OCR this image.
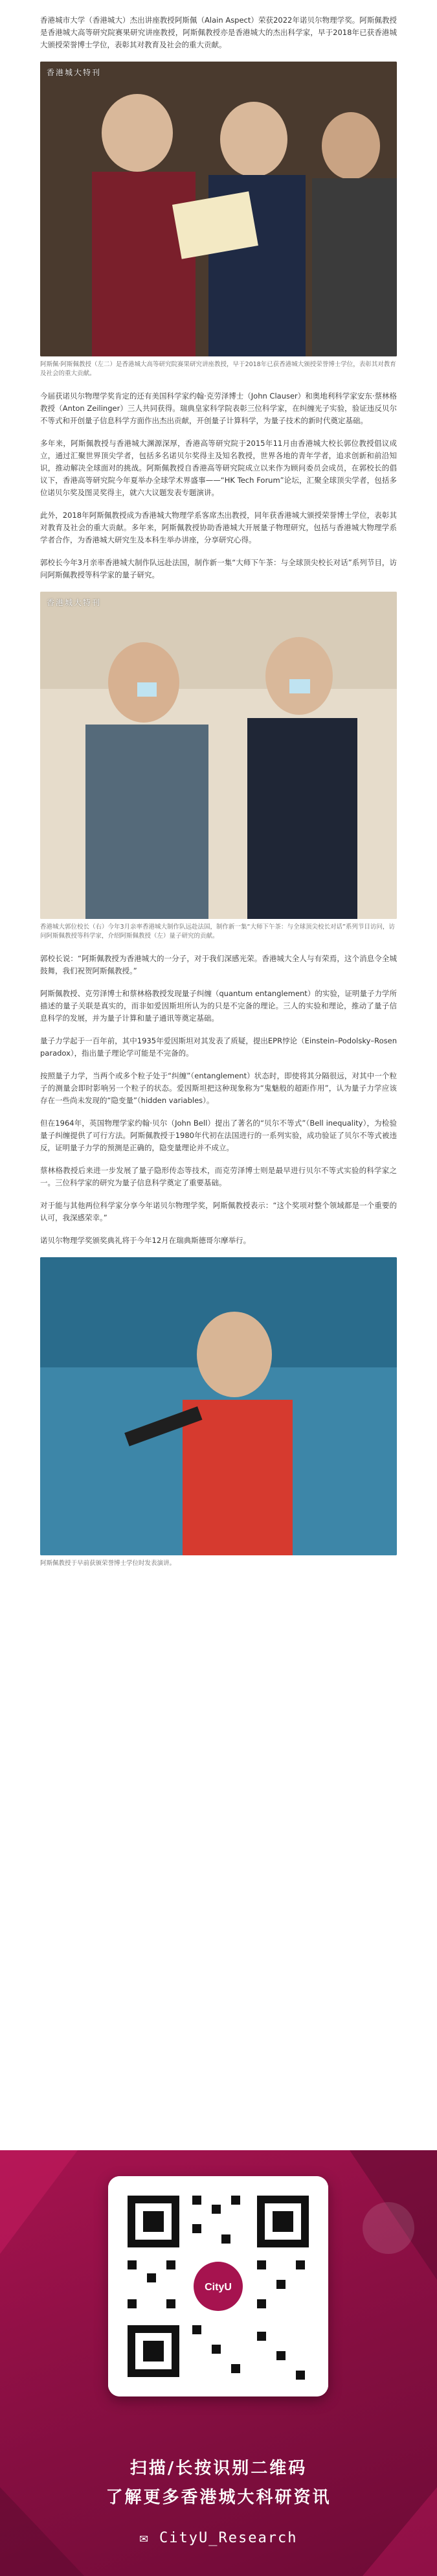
香港城市大学（香港城大）杰出讲座教授阿斯佩（Alain Aspect）荣获2022年诺贝尔物理学奖。阿斯佩教授是香港城大高等研究院赛果研究讲座教授，阿斯佩教授亦是香港城大的杰出科学家，早于2018年已获香港城大颁授荣誉博士学位，表彰其对教育及社会的重大贡献。

香港城大特刊
阿斯佩·阿斯佩教授（左二）是香港城大高等研究院赛果研究讲座教授，早于2018年已获香港城大颁授荣誉博士学位，表彰其对教育及社会的重大贡献。

今届获诺贝尔物理学奖肯定的还有美国科学家约翰·克劳泽博士（John Clauser）和奥地利科学家安东·蔡林格教授（Anton Zeilinger）三人共同获得。瑞典皇家科学院表彰三位科学家，在纠缠光子实验，验证违反贝尔不等式和开创量子信息科学方面作出杰出贡献，开创量子计算科学，为量子技术的新时代奠定基础。

多年来，阿斯佩教授与香港城大渊源深厚，香港高等研究院于2015年11月由香港城大校长郭位教授倡议成立，通过汇聚世界顶尖学者，包括多名诺贝尔奖得主及知名教授，世界各地的青年学者，追求创新和前沿知识，推动解决全球面对的挑战。阿斯佩教授自香港高等研究院成立以来作为顾问委员会成员，在郭校长的倡议下，香港高等研究院今年夏举办全球学术界盛事——“HK Tech Forum”论坛，汇聚全球顶尖学者，包括多位诺贝尔奖及图灵奖得主，就六大议题发表专题演讲。

此外，2018年阿斯佩教授成为香港城大物理学系客席杰出教授，同年获香港城大颁授荣誉博士学位，表彰其对教育及社会的重大贡献。多年来，阿斯佩教授协助香港城大开展量子物理研究，包括与香港城大物理学系学者合作，为香港城大研究生及本科生举办讲座，分享研究心得。

郭校长今年3月亲率香港城大制作队远赴法国，制作新一集“大师下午茶：与全球顶尖校长对话”系列节目，访问阿斯佩教授等科学家的量子研究。

香港城大特刊
香港城大郭位校长（右）今年3月亲率香港城大制作队远赴法国，制作新一集“大师下午茶：与全球顶尖校长对话”系列节目访问，访问阿斯佩教授等科学家，介绍阿斯佩教授（左）量子研究的贡献。

郭校长说：“阿斯佩教授为香港城大的一分子，对于我们深感光荣。香港城大全人与有荣焉，这个消息令全城鼓舞，我们祝贺阿斯佩教授。”

阿斯佩教授、克劳泽博士和蔡林格教授发现量子纠缠（quantum entanglement）的实验，证明量子力学所描述的量子关联是真实的，而非如爱因斯坦所认为的只是不完备的理论。三人的实验和理论，推动了量子信息科学的发展，并为量子计算和量子通讯等奠定基础。

量子力学起于一百年前，其中1935年爱因斯坦对其发表了质疑，提出EPR悖论（Einstein–Podolsky–Rosen paradox），指出量子理论学可能是不完备的。

按照量子力学，当两个或多个粒子处于“纠缠”（entanglement）状态时，即使将其分隔很远，对其中一个粒子的测量会即时影响另一个粒子的状态。爱因斯坦把这种现象称为“鬼魅般的超距作用”，认为量子力学应该存在一些尚未发现的“隐变量”（hidden variables）。

但在1964年，英国物理学家约翰·贝尔（John Bell）提出了著名的“贝尔不等式”（Bell inequality），为检验量子纠缠提供了可行方法。阿斯佩教授于1980年代初在法国进行的一系列实验，成功验证了贝尔不等式被违反，证明量子力学的预测是正确的，隐变量理论并不成立。

蔡林格教授后来进一步发展了量子隐形传态等技术，而克劳泽博士则是最早进行贝尔不等式实验的科学家之一。三位科学家的研究为量子信息科学奠定了重要基础。

对于能与其他两位科学家分享今年诺贝尔物理学奖，阿斯佩教授表示：“这个奖项对整个领域都是一个重要的认可，我深感荣幸。”

诺贝尔物理学奖颁奖典礼将于今年12月在瑞典斯德哥尔摩举行。

阿斯佩教授于早前获颁荣誉博士学位时发表演讲。
CityU
扫描/长按识别二维码
了解更多香港城大科研资讯
✉ CityU_Research
